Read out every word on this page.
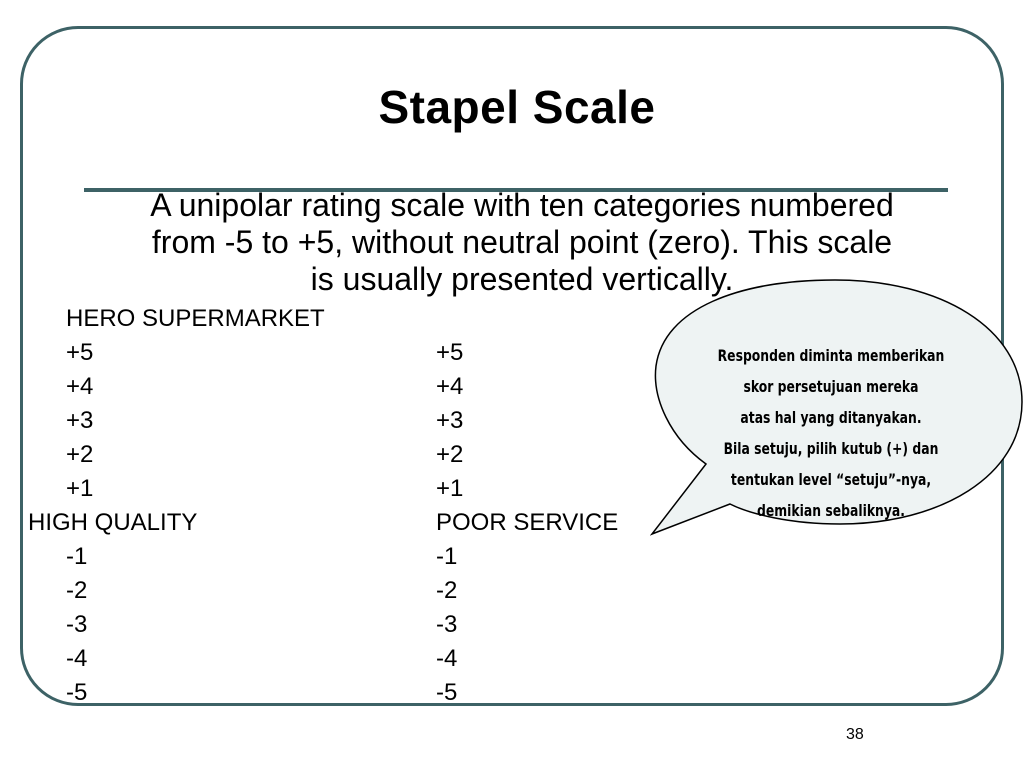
Stapel Scale
A unipolar rating scale with ten categories numbered
from -5 to +5, without neutral point (zero). This scale
is usually presented vertically.
HERO SUPERMARKET
+5
+4
+3
+2
+1
HIGH QUALITY
-1
-2
-3
-4
-5
+5
+4
+3
+2
+1
POOR SERVICE
-1
-2
-3
-4
-5
Responden diminta memberikan
skor persetujuan mereka
atas hal yang ditanyakan.
Bila setuju, pilih kutub (+) dan
tentukan level “setuju”-nya,
demikian sebaliknya.
38
